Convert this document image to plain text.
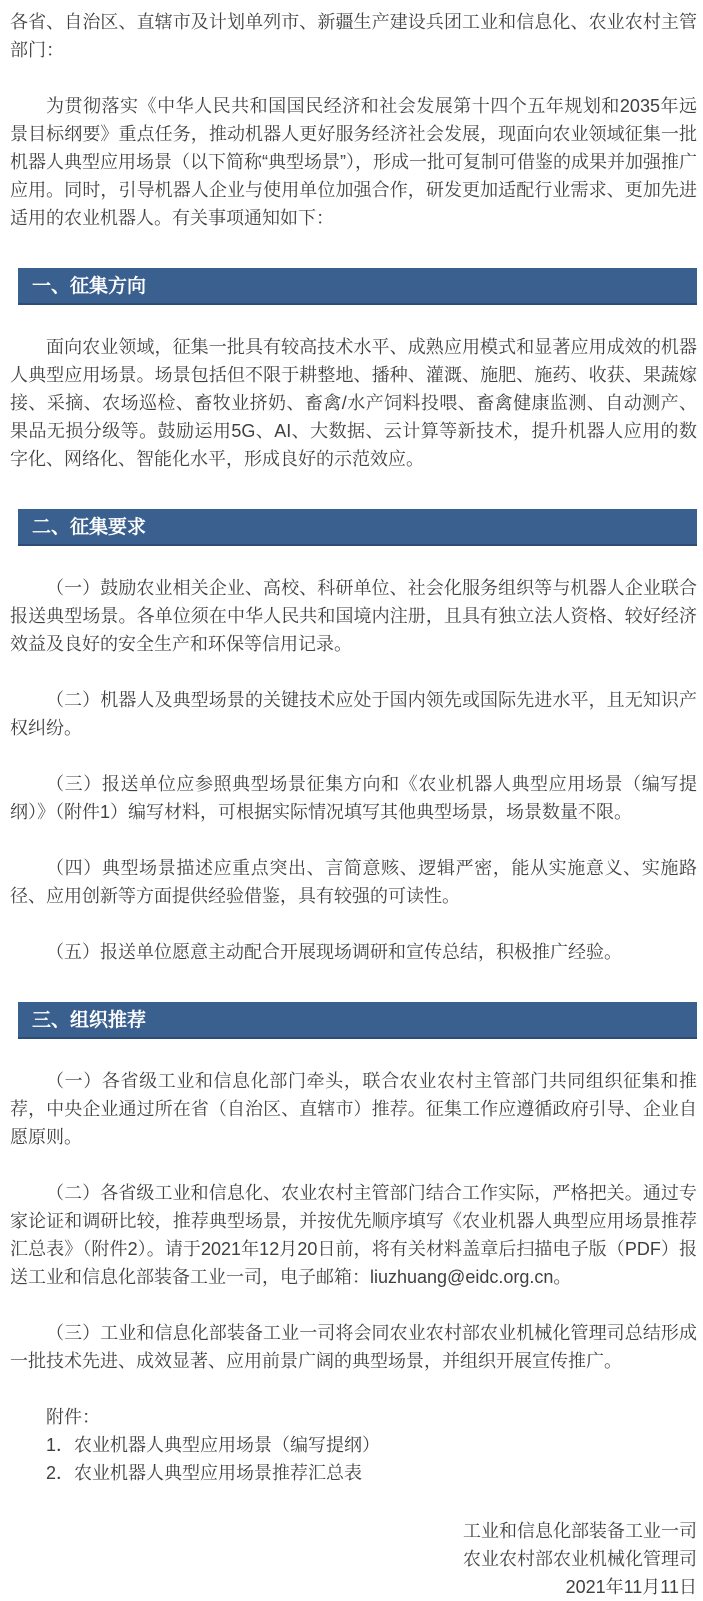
各省、自治区、直辖市及计划单列市、新疆生产建设兵团工业和信息化、农业农村主管部门：

为贯彻落实《中华人民共和国国民经济和社会发展第十四个五年规划和2035年远景目标纲要》重点任务，推动机器人更好服务经济社会发展，现面向农业领域征集一批机器人典型应用场景（以下简称“典型场景”），形成一批可复制可借鉴的成果并加强推广应用。同时，引导机器人企业与使用单位加强合作，研发更加适配行业需求、更加先进适用的农业机器人。有关事项通知如下：

一、征集方向

面向农业领域，征集一批具有较高技术水平、成熟应用模式和显著应用成效的机器人典型应用场景。场景包括但不限于耕整地、播种、灌溉、施肥、施药、收获、果蔬嫁接、采摘、农场巡检、畜牧业挤奶、畜禽/水产饲料投喂、畜禽健康监测、自动测产、果品无损分级等。鼓励运用5G、AI、大数据、云计算等新技术，提升机器人应用的数字化、网络化、智能化水平，形成良好的示范效应。

二、征集要求

（一）鼓励农业相关企业、高校、科研单位、社会化服务组织等与机器人企业联合报送典型场景。各单位须在中华人民共和国境内注册，且具有独立法人资格、较好经济效益及良好的安全生产和环保等信用记录。

（二）机器人及典型场景的关键技术应处于国内领先或国际先进水平，且无知识产权纠纷。

（三）报送单位应参照典型场景征集方向和《农业机器人典型应用场景（编写提纲）》（附件1）编写材料，可根据实际情况填写其他典型场景，场景数量不限。

（四）典型场景描述应重点突出、言简意赅、逻辑严密，能从实施意义、实施路径、应用创新等方面提供经验借鉴，具有较强的可读性。

（五）报送单位愿意主动配合开展现场调研和宣传总结，积极推广经验。

三、组织推荐

（一）各省级工业和信息化部门牵头，联合农业农村主管部门共同组织征集和推荐，中央企业通过所在省（自治区、直辖市）推荐。征集工作应遵循政府引导、企业自愿原则。

（二）各省级工业和信息化、农业农村主管部门结合工作实际，严格把关。通过专家论证和调研比较，推荐典型场景，并按优先顺序填写《农业机器人典型应用场景推荐汇总表》（附件2）。请于2021年12月20日前，将有关材料盖章后扫描电子版（PDF）报送工业和信息化部装备工业一司，电子邮箱：liuzhuang@eidc.org.cn。

（三）工业和信息化部装备工业一司将会同农业农村部农业机械化管理司总结形成一批技术先进、成效显著、应用前景广阔的典型场景，并组织开展宣传推广。

附件：

1．农业机器人典型应用场景（编写提纲）

2．农业机器人典型应用场景推荐汇总表

工业和信息化部装备工业一司

农业农村部农业机械化管理司

2021年11月11日
